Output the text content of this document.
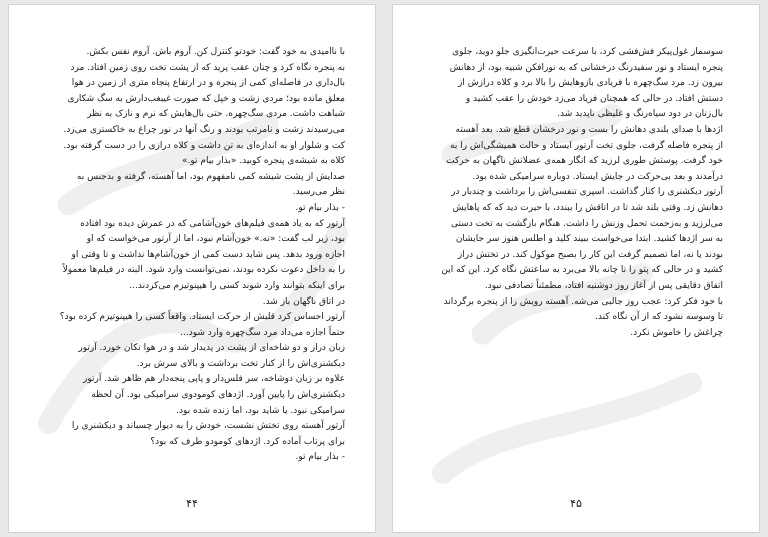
با ناامیدی به خود گفت: خودتو کنترل کن. آروم باش. آروم نفس بکش.

به پنجره نگاه کرد و چنان عقب پرید که از پشت تخت روی زمین افتاد. مرد

بال‌داری در فاصله‌ای کمی از پنجره و در ارتفاع پنجاه متری از زمین در هوا

معلق مانده بود؛ مردی زشت و خپل که صورت غیبغب‌دارش به سگ شکاری

شباهت داشت. مردی سگ‌چهره. حتی بال‌هایش که نرم و نازک به نظر

می‌رسیدند زشت و نامرتب بودند و رنگ آنها در نور چراغ به خاکستری می‌زد.

کت و شلوار او به اندازه‌ای به تن داشت و کلاه درازی را در دست گرفته بود.

کلاه به شیشه‌ی پنجره کوبید. «بذار بیام تو.»

صدایش از پشت شیشه کمی نامفهوم بود، اما آهسته، گرفته و بدجنس به

نظر می‌رسید.

- بذار بیام تو.

آرتور که به یاد همه‌ی فیلم‌های خون‌آشامی که در عمرش دیده بود افتاده

بود، زیر لب گفت: «نه.» خون‌آشام نبود، اما از آرتور می‌خواست که او

اجازه ورود بدهد. پس شاید دست کمی از خون‌آشام‌ها نداشت و تا وقتی او

را به داخل دعوت نکرده بودند، نمی‌توانست وارد شود. البته در فیلم‌ها معمولاً

برای اینکه بتوانند وارد شوند کسی را هیپنوتیزم می‌کردند...

در اتاق ناگهان باز شد.

آرتور احساس کرد قلبش از حرکت ایستاد. واقعاً کسی را هیپنوتیزم کرده بود؟

حتماً اجازه می‌داد مرد سگ‌چهره وارد شود...

زبان دراز و دو شاخه‌ای از پشت در پدیدار شد و در هوا تکان خورد. آرتور

دیکشنری‌اش را از کنار تخت برداشت و بالای سرش برد.

علاوه بر زبان دوشاخه، سر فلس‌دار و پاپی پنجه‌دار هم ظاهر شد. آرتور

دیکشنری‌اش را پایین آورد. اژدهای کومودوی سرامیکی بود. آن لحظه

سرامیکی نبود. یا شاید بود، اما زنده شده بود.

آرتور آهسته روی تختش نشست، خودش را به دیوار چسباند و دیکشنری را

برای پرتاب آماده کرد. اژدهای کومودو طرف که بود؟

- بذار بیام تو.

۴۴

سوسمار غول‌پیکر فش‌فشی کرد، با سرعت حیرت‌انگیزی جلو دوید، جلوی

پنجره ایستاد و نور سفیدرنگ درخشانی که به نورافکن شبیه بود، از دهانش

بیرون زد. مرد سگ‌چهره با فریادی بازوهایش را بالا برد و کلاه درازش از

دستش افتاد. در حالی که همچنان فریاد می‌زد خودش را عقب کشید و

بال‌زنان در دود سیاه‌رنگ و غلیظی ناپدید شد.

اژدها با صدای بلندی دهانش را بست و نور درخشان قطع شد. بعد آهسته

از پنجره فاصله گرفت، جلوی تخت آرتور ایستاد و حالت همیشگی‌اش را به

خود گرفت. پوستش طوری لرزید که انگار همه‌ی عضلاتش ناگهان به حرکت

درآمدند و بعد بی‌حرکت در جایش ایستاد. دوباره سرامیکی شده بود.

آرتور دیکشنری را کنار گذاشت. اسپری تنفسی‌اش را برداشت و چندبار در

دهانش زد. وقتی بلند شد تا در اتاقش را ببندد، با حیرت دید که که پاهایش

می‌لرزید و به‌زحمت تحمل وزنش را داشت. هنگام بازگشت به تخت دستی

به سر اژدها کشید. ابتدا می‌خواست ببیند کلید و اطلس هنوز سر جایشان

بودند یا نه، اما تصمیم گرفت این کار را بصبح موکول کند. در تختش دراز

کشید و در حالی که پتو را تا چانه بالا می‌برد به ساعتش نگاه کرد. این که این

اتفاق دقایقی پس از آغاز روز دوشنبه افتاد، مطمئناً تصادفی نبود.

با خود فکر کرد: عجب روز جالبی می‌شه. آهسته رویش را از پنجره برگرداند

تا وسوسه نشود که از آن نگاه کند.

چراغش را خاموش نکرد.

۴۵
